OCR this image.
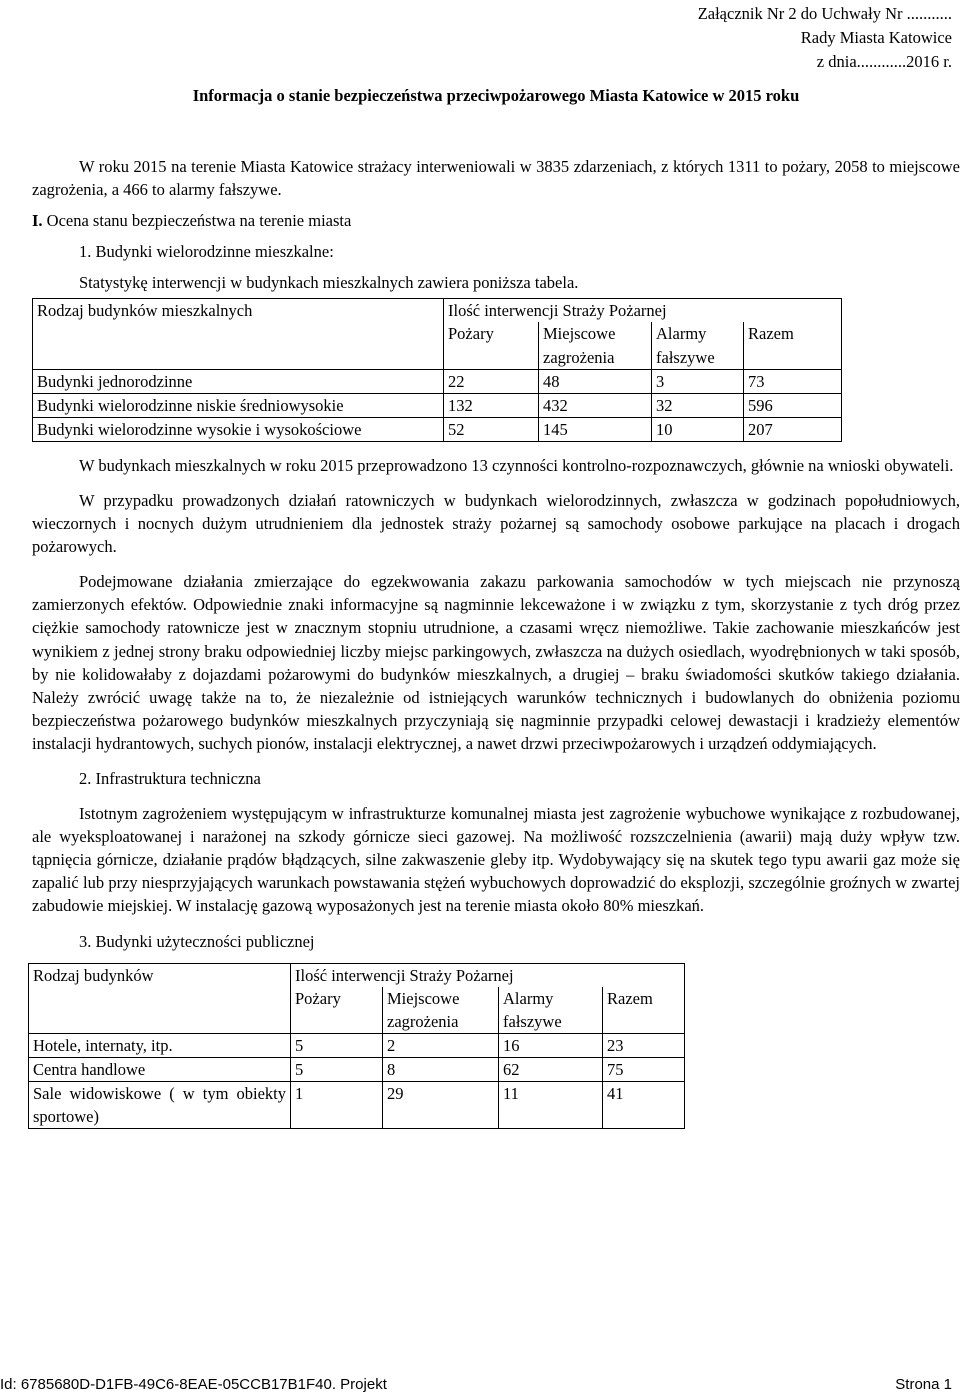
Załącznik Nr 2 do Uchwały Nr ...........
Rady Miasta Katowice
z dnia............2016 r.
Informacja o stanie bezpieczeństwa przeciwpożarowego Miasta Katowice w 2015 roku

W roku 2015 na terenie Miasta Katowice strażacy interweniowali w 3835 zdarzeniach, z których 1311 to pożary, 2058 to miejscowe zagrożenia, a 466 to alarmy fałszywe.

I. Ocena stanu bezpieczeństwa na terenie miasta
1. Budynki wielorodzinne mieszkalne:
Statystykę interwencji w budynkach mieszkalnych zawiera poniższa tabela.
Rodzaj budynków mieszkalnych	Ilość interwencji Straży Pożarnej			
	Pożary	Miejscowe zagrożenia	Alarmy fałszywe	Razem
Budynki jednorodzinne	22	48	3	73
Budynki wielorodzinne niskie średniowysokie	132	432	32	596
Budynki wielorodzinne wysokie i wysokościowe	52	145	10	207

W budynkach mieszkalnych w roku 2015 przeprowadzono 13 czynności kontrolno-rozpoznawczych, głównie na wnioski obywateli.

W przypadku prowadzonych działań ratowniczych w budynkach wielorodzinnych, zwłaszcza w godzinach popołudniowych, wieczornych i nocnych dużym utrudnieniem dla jednostek straży pożarnej są samochody osobowe parkujące na placach i drogach pożarowych.

Podejmowane działania zmierzające do egzekwowania zakazu parkowania samochodów w tych miejscach nie przynoszą zamierzonych efektów. Odpowiednie znaki informacyjne są nagminnie lekceważone i w związku z tym, skorzystanie z tych dróg przez ciężkie samochody ratownicze jest w znacznym stopniu utrudnione, a czasami wręcz niemożliwe. Takie zachowanie mieszkańców jest wynikiem z jednej strony braku odpowiedniej liczby miejsc parkingowych, zwłaszcza na dużych osiedlach, wyodrębnionych w taki sposób, by nie kolidowałaby z dojazdami pożarowymi do budynków mieszkalnych, a drugiej – braku świadomości skutków takiego działania. Należy zwrócić uwagę także na to, że niezależnie od istniejących warunków technicznych i budowlanych do obniżenia poziomu bezpieczeństwa pożarowego budynków mieszkalnych przyczyniają się nagminnie przypadki celowej dewastacji i kradzieży elementów instalacji hydrantowych, suchych pionów, instalacji elektrycznej, a nawet drzwi przeciwpożarowych i urządzeń oddymiających.

2. Infrastruktura techniczna

Istotnym zagrożeniem występującym w infrastrukturze komunalnej miasta jest zagrożenie wybuchowe wynikające z rozbudowanej, ale wyeksploatowanej i narażonej na szkody górnicze sieci gazowej. Na możliwość rozszczelnienia (awarii) mają duży wpływ tzw. tąpnięcia górnicze, działanie prądów błądzących, silne zakwaszenie gleby itp. Wydobywający się na skutek tego typu awarii gaz może się zapalić lub przy niesprzyjających warunkach powstawania stężeń wybuchowych doprowadzić do eksplozji, szczególnie groźnych w zwartej zabudowie miejskiej. W instalację gazową wyposażonych jest na terenie miasta około 80% mieszkań.

3. Budynki użyteczności publicznej
Rodzaj budynków	Ilość interwencji Straży Pożarnej			
	Pożary	Miejscowe zagrożenia	Alarmy fałszywe	Razem
Hotele, internaty, itp.	5	2	16	23
Centra handlowe	5	8	62	75
Sale widowiskowe ( w tym obiekty sportowe)	1	29	11	41
Id: 6785680D-D1FB-49C6-8EAE-05CCB17B1F40. Projekt	Strona 1
